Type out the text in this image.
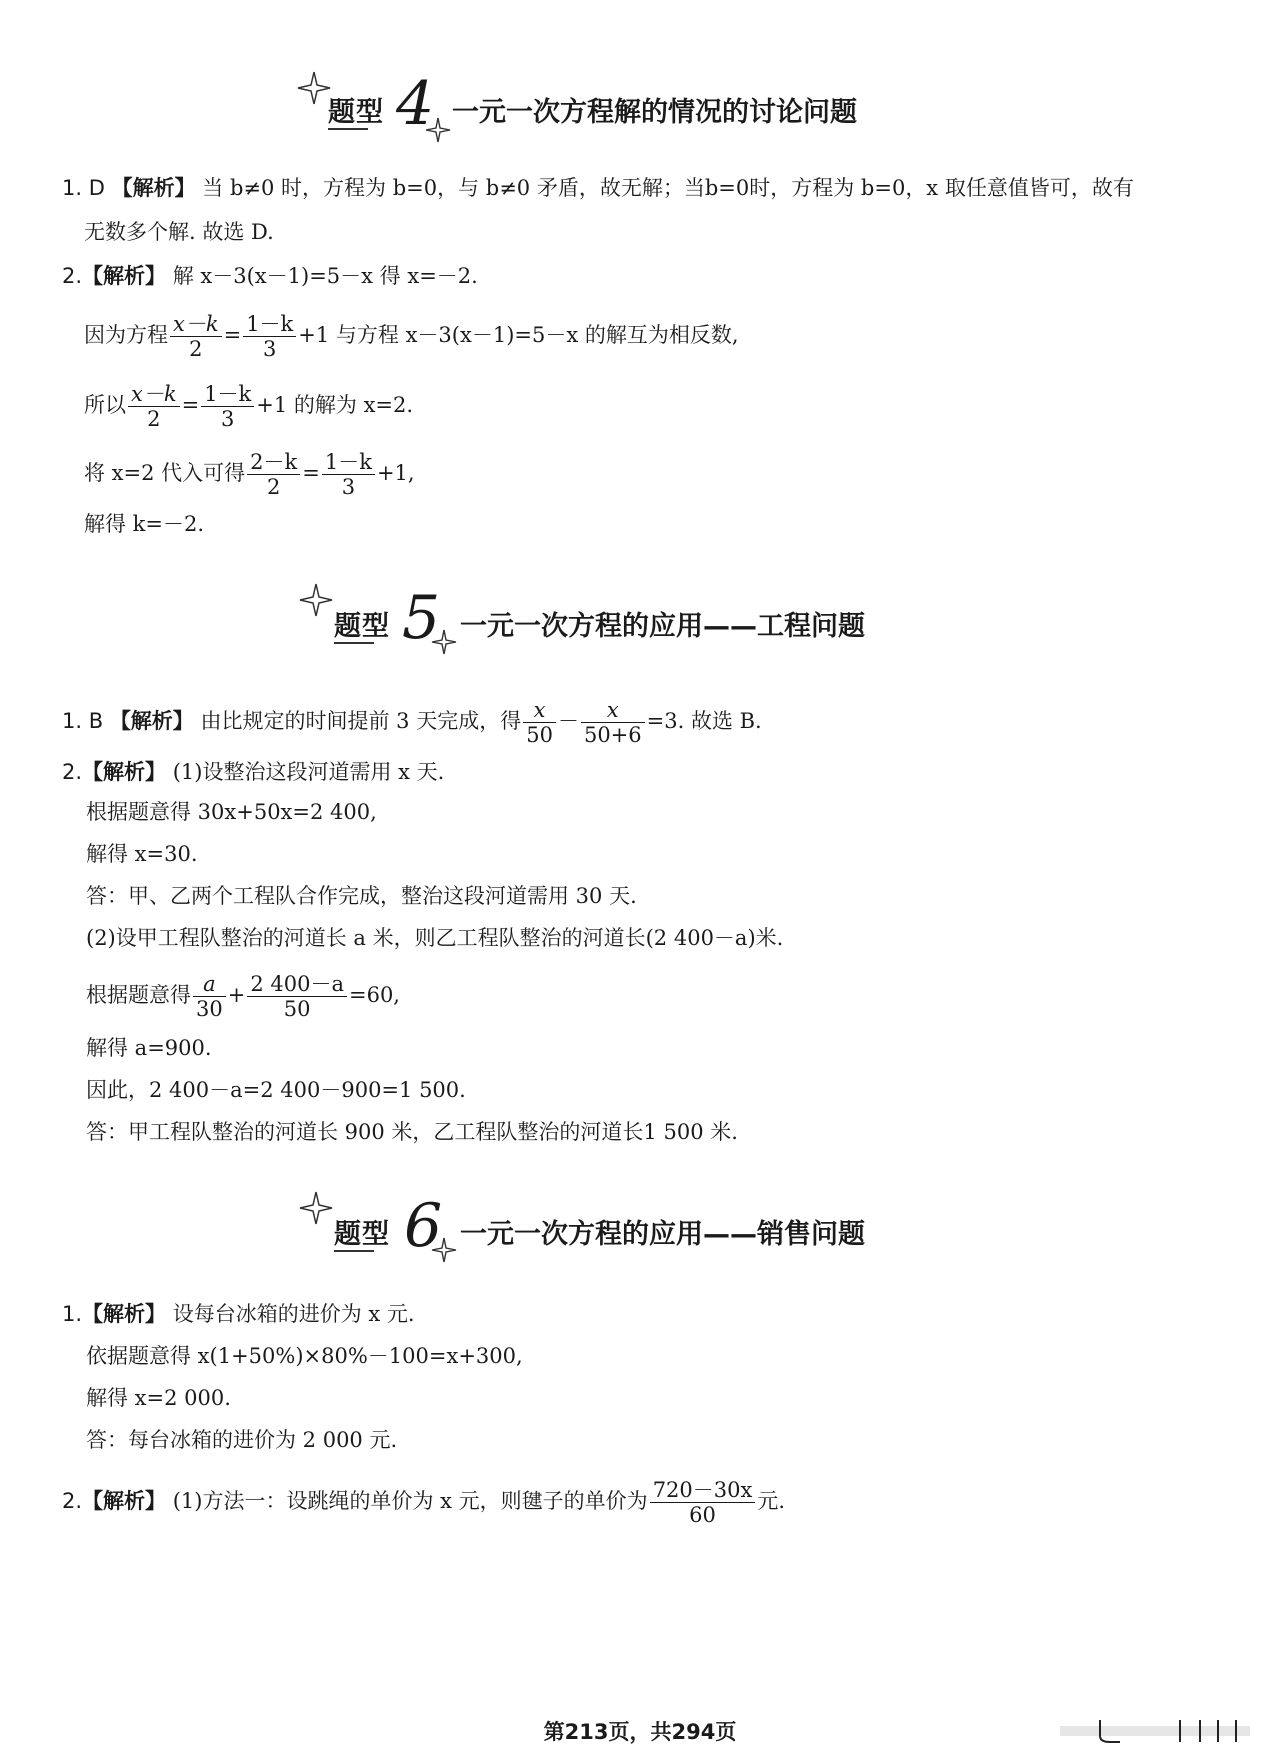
题型 4 一元一次方程解的情况的讨论问题
1. D 【解析】 当 b≠0 时，方程为 b=0，与 b≠0 矛盾，故无解；当b=0时，方程为 b=0，x 取任意值皆可，故有
无数多个解. 故选 D.
2.【解析】 解 x－3(x－1)=5－x 得 x=－2.
因为方程 $\frac{x-k}{2} = \frac{1-k}{3} +1$ 与方程 x－3(x－1)=5－x 的解互为相反数,
所以 $\frac{x-k}{2} = \frac{1-k}{3} +1$ 的解为 x=2.
将 x=2 代入可得 $\frac{2-k}{2} = \frac{1-k}{3} +1$,
解得 k=－2.
题型 5 一元一次方程的应用——工程问题
1. B 【解析】 由比规定的时间提前 3 天完成，得 $\frac{x}{50} - \frac{x}{50+6} =3$. 故选 B.
2.【解析】 (1)设整治这段河道需用 x 天.
根据题意得 30x+50x=2 400,
解得 x=30.
答：甲、乙两个工程队合作完成，整治这段河道需用 30 天.
(2)设甲工程队整治的河道长 a 米，则乙工程队整治的河道长(2 400－a)米.
根据题意得 $\frac{a}{30} + \frac{2 400-a}{50} =60$,
解得 a=900.
因此，2 400－a=2 400－900=1 500.
答：甲工程队整治的河道长 900 米，乙工程队整治的河道长1 500 米.
题型 6 一元一次方程的应用——销售问题
1.【解析】 设每台冰箱的进价为 x 元.
依据题意得 x(1+50%)×80%－100=x+300,
解得 x=2 000.
答：每台冰箱的进价为 2 000 元.
2.【解析】 (1)方法一：设跳绳的单价为 x 元，则毽子的单价为 $\frac{720-30x}{60}$ 元.
第213页，共294页
